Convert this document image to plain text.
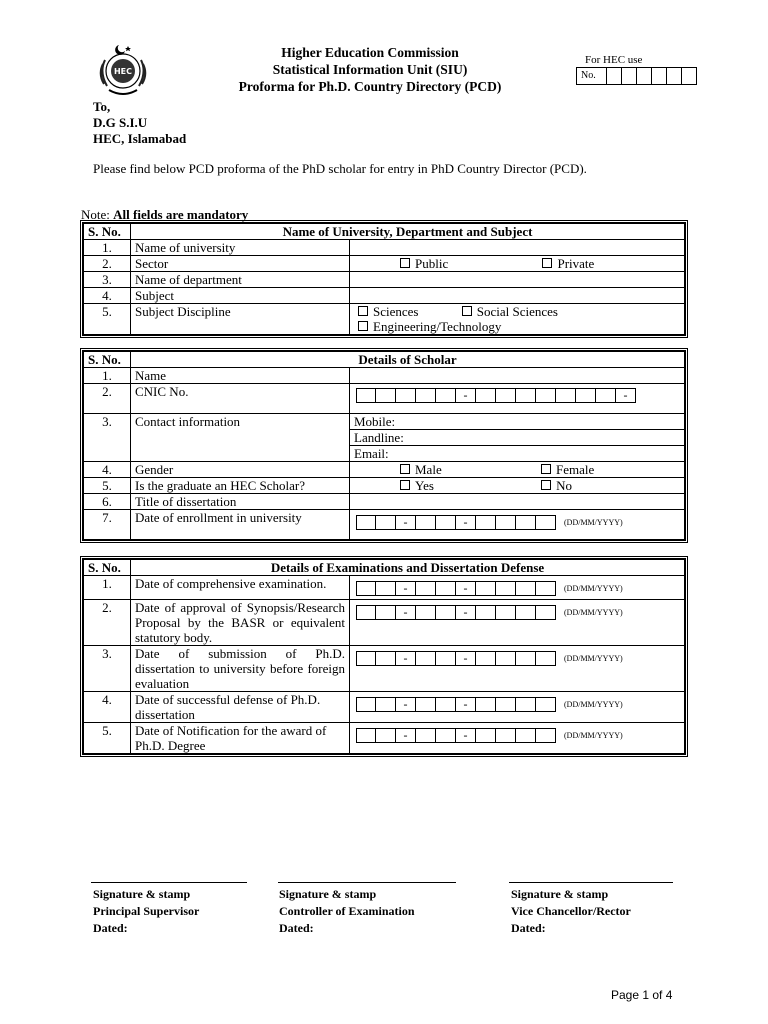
HEC
Higher Education Commission
Statistical Information Unit (SIU)
Proforma for Ph.D. Country Directory (PCD)
For HEC use
No.
To,
D.G S.I.U
HEC, Islamabad
Please find below PCD proforma of the PhD scholar for entry in PhD Country Director (PCD).
Note: All fields are mandatory
S. No.	Name of University, Department and Subject	
1.	Name of university	
2.	Sector	Public Private
3.	Name of department	
4.	Subject	
5.	Subject Discipline	Sciences Social Sciences
Engineering/Technology
S. No.	Details of Scholar	
1.	Name	
2.	CNIC No.	- -

3.	Contact information	Mobile:
		Landline:
		Email:
4.	Gender	Male Female
5.	Is the graduate an HEC Scholar?	Yes No
6.	Title of dissertation	
7.	Date of enrollment in university	- - (DD/MM/YYYY)
S. No.	Details of Examinations and Dissertation Defense	
1.	Date of comprehensive examination.	- - (DD/MM/YYYY)

2.	Date of approval of Synopsis/Research Proposal by the BASR or equivalent statutory body.	- - (DD/MM/YYYY)

3.	Date of submission of Ph.D. dissertation to university before foreign evaluation	- - (DD/MM/YYYY)

4.	Date of successful defense of Ph.D. dissertation	- - (DD/MM/YYYY)

5.	Date of Notification for the award of Ph.D. Degree	- - (DD/MM/YYYY)
Signature & stamp
Principal Supervisor
Dated:
Signature & stamp
Controller of Examination
Dated:
Signature & stamp
Vice Chancellor/Rector
Dated:
Page 1 of 4
